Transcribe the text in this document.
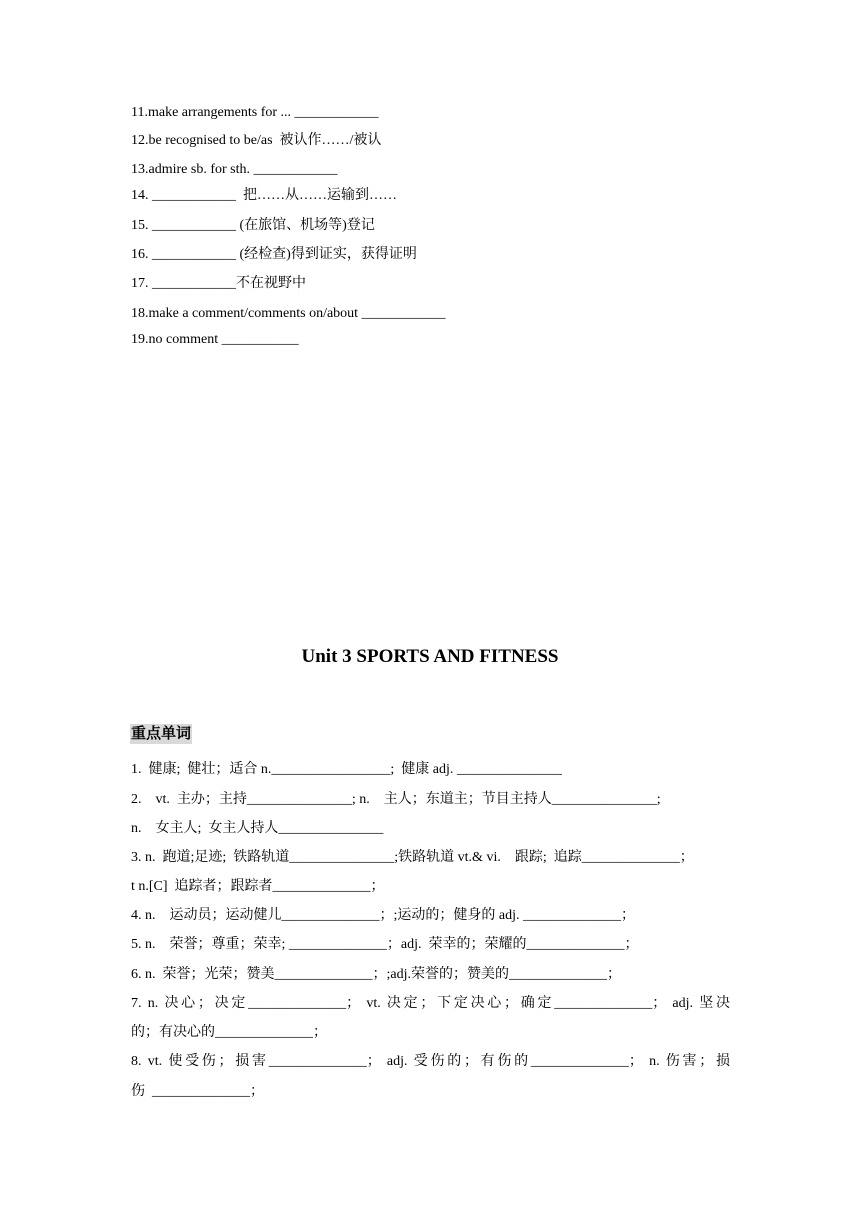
11.make arrangements for ... ____________
12.be recognised to be/as  被认作……/被认
13.admire sb. for sth. ____________
14. ____________  把……从……运输到……
15. ____________ (在旅馆、机场等)登记
16. ____________ (经检查)得到证实，获得证明
17. ____________不在视野中
18.make a comment/comments on/about ____________
19.no comment ___________
Unit 3 SPORTS AND FITNESS
重点单词
1.  健康;  健壮；适合 n._________________;  健康 adj. _______________
2.    vt.  主办；主持_______________; n.    主人；东道主；节目主持人_______________;
n.    女主人;  女主人持人_______________
3. n.  跑道;足迹;  铁路轨道_______________;铁路轨道 vt.& vi.    跟踪;  追踪______________；
t n.[C]  追踪者；跟踪者______________；
4. n.    运动员；运动健儿______________；;运动的；健身的 adj. ______________；
5. n.    荣誉；尊重；荣幸; ______________；adj.  荣幸的；荣耀的______________；
6. n.  荣誉；光荣；赞美______________；;adj.荣誉的；赞美的______________；
7. n. 决心；决定______________； vt. 决定；下定决心；确定______________； adj. 坚决
的；有决心的______________；
8. vt. 使受伤；损害______________； adj. 受伤的；有伤的______________； n. 伤害；损
伤  ______________；
